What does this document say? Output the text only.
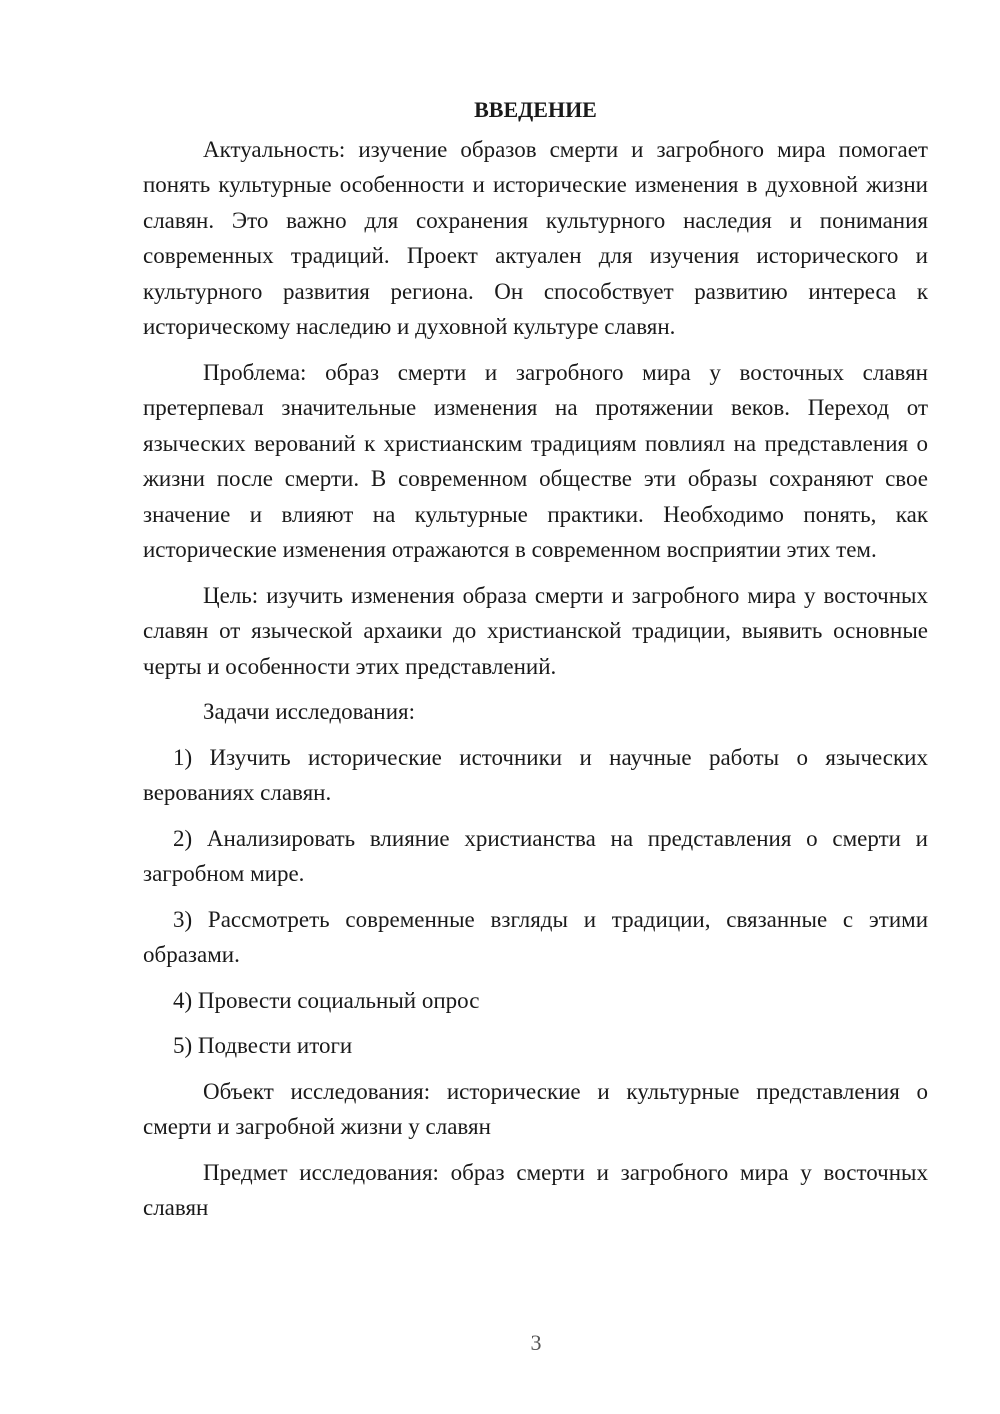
ВВЕДЕНИЕ

Актуальность: изучение образов смерти и загробного мира помогает понять культурные особенности и исторические изменения в духовной жизни славян. Это важно для сохранения культурного наследия и понимания современных традиций. Проект актуален для изучения исторического и культурного развития региона. Он способствует развитию интереса к историческому наследию и духовной культуре славян.

Проблема: образ смерти и загробного мира у восточных славян претерпевал значительные изменения на протяжении веков. Переход от языческих верований к христианским традициям повлиял на представления о жизни после смерти. В современном обществе эти образы сохраняют свое значение и влияют на культурные практики. Необходимо понять, как исторические изменения отражаются в современном восприятии этих тем.

Цель: изучить изменения образа смерти и загробного мира у восточных славян от языческой архаики до христианской традиции, выявить основные черты и особенности этих представлений.

Задачи исследования:

1) Изучить исторические источники и научные работы о языческих верованиях славян.

2) Анализировать влияние христианства на представления о смерти и загробном мире.

3) Рассмотреть современные взгляды и традиции, связанные с этими образами.

4) Провести социальный опрос

5) Подвести итоги

Объект исследования: исторические и культурные представления о смерти и загробной жизни у славян

Предмет исследования: образ смерти и загробного мира у восточных славян

3
